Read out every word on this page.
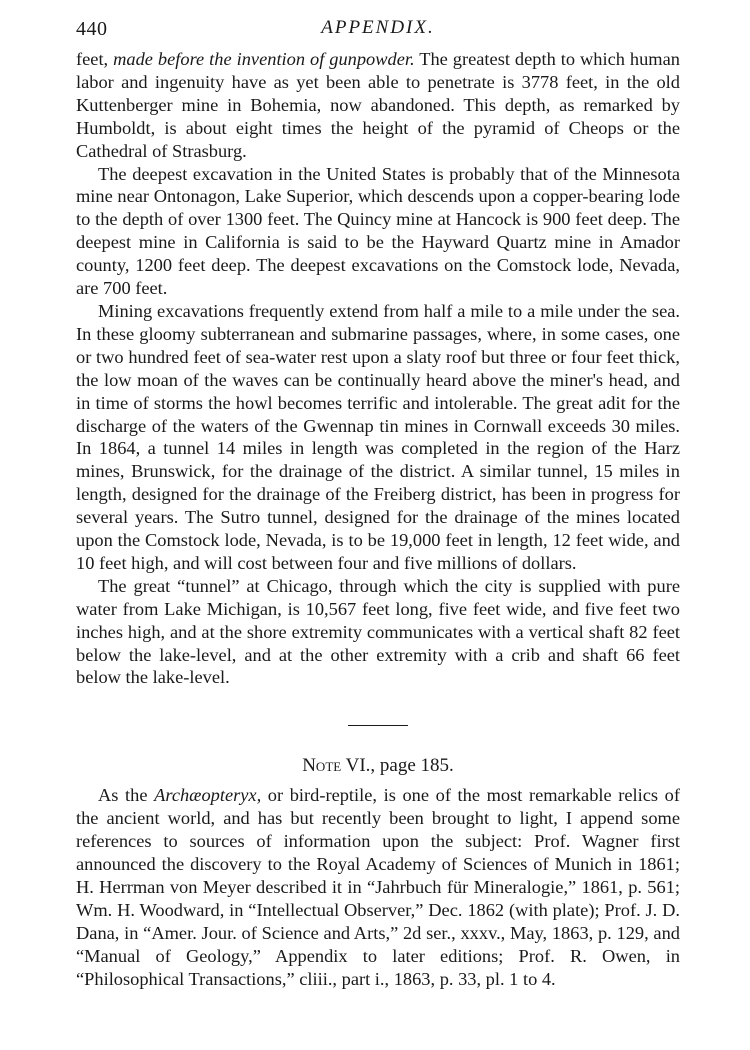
440	APPENDIX.

feet, made before the invention of gunpowder. The greatest depth to which human labor and ingenuity have as yet been able to penetrate is 3778 feet, in the old Kuttenberger mine in Bohemia, now abandoned. This depth, as remarked by Humboldt, is about eight times the height of the pyramid of Cheops or the Cathedral of Strasburg.

The deepest excavation in the United States is probably that of the Minnesota mine near Ontonagon, Lake Superior, which descends upon a copper-bearing lode to the depth of over 1300 feet. The Quincy mine at Hancock is 900 feet deep. The deepest mine in California is said to be the Hayward Quartz mine in Amador county, 1200 feet deep. The deepest excavations on the Comstock lode, Nevada, are 700 feet.

Mining excavations frequently extend from half a mile to a mile under the sea. In these gloomy subterranean and submarine passages, where, in some cases, one or two hundred feet of sea-water rest upon a slaty roof but three or four feet thick, the low moan of the waves can be continually heard above the miner's head, and in time of storms the howl becomes terrific and intolerable. The great adit for the discharge of the waters of the Gwennap tin mines in Cornwall exceeds 30 miles. In 1864, a tunnel 14 miles in length was completed in the region of the Harz mines, Brunswick, for the drainage of the district. A similar tunnel, 15 miles in length, designed for the drainage of the Freiberg district, has been in progress for several years. The Sutro tunnel, designed for the drainage of the mines located upon the Comstock lode, Nevada, is to be 19,000 feet in length, 12 feet wide, and 10 feet high, and will cost between four and five millions of dollars.

The great “tunnel” at Chicago, through which the city is supplied with pure water from Lake Michigan, is 10,567 feet long, five feet wide, and five feet two inches high, and at the shore extremity communicates with a vertical shaft 82 feet below the lake-level, and at the other extremity with a crib and shaft 66 feet below the lake-level.

Note VI., page 185.

As the Archæopteryx, or bird-reptile, is one of the most remarkable relics of the ancient world, and has but recently been brought to light, I append some references to sources of information upon the subject: Prof. Wagner first announced the discovery to the Royal Academy of Sciences of Munich in 1861; H. Herrman von Meyer described it in “Jahrbuch für Mineralogie,” 1861, p. 561; Wm. H. Woodward, in “Intellectual Observer,” Dec. 1862 (with plate); Prof. J. D. Dana, in “Amer. Jour. of Science and Arts,” 2d ser., xxxv., May, 1863, p. 129, and “Manual of Geology,” Appendix to later editions; Prof. R. Owen, in “Philosophical Transactions,” cliii., part i., 1863, p. 33, pl. 1 to 4.
